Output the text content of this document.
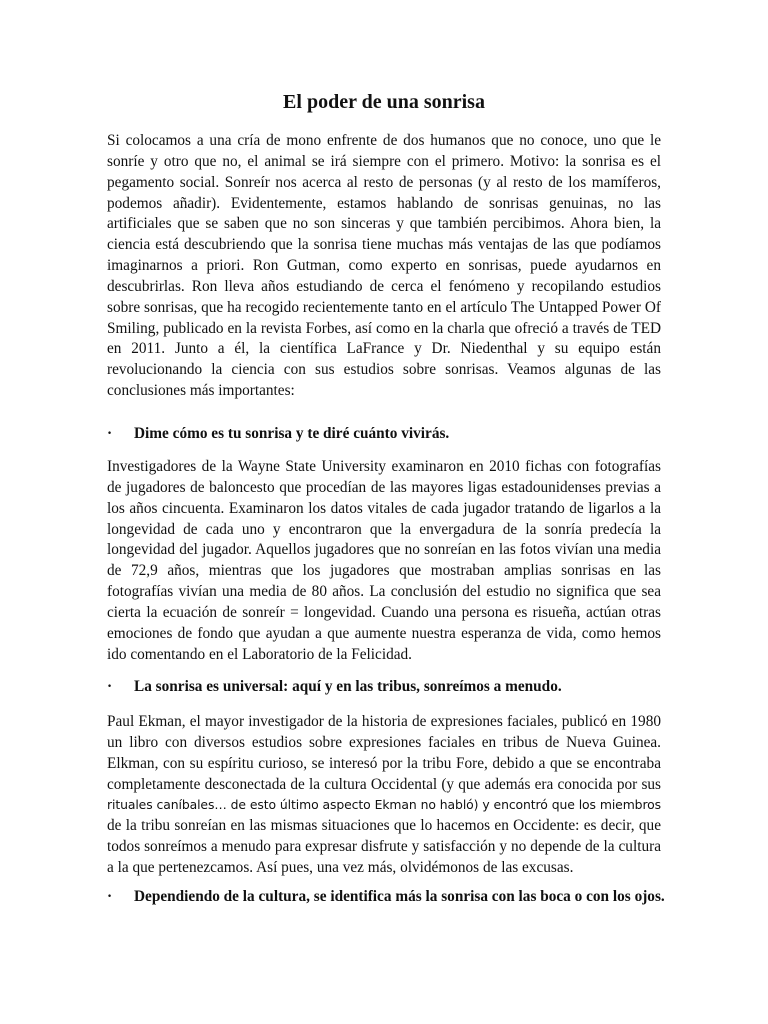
El poder de una sonrisa

Si colocamos a una cría de mono enfrente de dos humanos que no conoce, uno que le sonríe y otro que no, el animal se irá siempre con el primero. Motivo: la sonrisa es el pegamento social. Sonreír nos acerca al resto de personas (y al resto de los mamíferos, podemos añadir). Evidentemente, estamos hablando de sonrisas genuinas, no las artificiales que se saben que no son sinceras y que también percibimos. Ahora bien, la ciencia está descubriendo que la sonrisa tiene muchas más ventajas de las que podíamos imaginarnos a priori. Ron Gutman, como experto en sonrisas, puede ayudarnos en descubrirlas. Ron lleva años estudiando de cerca el fenómeno y recopilando estudios sobre sonrisas, que ha recogido recientemente tanto en el artículo The Untapped Power Of Smiling, publicado en la revista Forbes, así como en la charla que ofreció a través de TED en 2011. Junto a él, la científica LaFrance y Dr. Niedenthal y su equipo están revolucionando la ciencia con sus estudios sobre sonrisas. Veamos algunas de las conclusiones más importantes:

· Dime cómo es tu sonrisa y te diré cuánto vivirás.

Investigadores de la Wayne State University examinaron en 2010 fichas con fotografías de jugadores de baloncesto que procedían de las mayores ligas estadounidenses previas a los años cincuenta. Examinaron los datos vitales de cada jugador tratando de ligarlos a la longevidad de cada uno y encontraron que la envergadura de la sonría predecía la longevidad del jugador. Aquellos jugadores que no sonreían en las fotos vivían una media de 72,9 años, mientras que los jugadores que mostraban amplias sonrisas en las fotografías vivían una media de 80 años. La conclusión del estudio no significa que sea cierta la ecuación de sonreír = longevidad. Cuando una persona es risueña, actúan otras emociones de fondo que ayudan a que aumente nuestra esperanza de vida, como hemos ido comentando en el Laboratorio de la Felicidad.

· La sonrisa es universal: aquí y en las tribus, sonreímos a menudo.

Paul Ekman, el mayor investigador de la historia de expresiones faciales, publicó en 1980 un libro con diversos estudios sobre expresiones faciales en tribus de Nueva Guinea. Elkman, con su espíritu curioso, se interesó por la tribu Fore, debido a que se encontraba completamente desconectada de la cultura Occidental (y que además era conocida por sus rituales caníbales… de esto último aspecto Ekman no habló) y encontró que los miembros de la tribu sonreían en las mismas situaciones que lo hacemos en Occidente: es decir, que todos sonreímos a menudo para expresar disfrute y satisfacción y no depende de la cultura a la que pertenezcamos. Así pues, una vez más, olvidémonos de las excusas.

· Dependiendo de la cultura, se identifica más la sonrisa con las boca o con los ojos.
